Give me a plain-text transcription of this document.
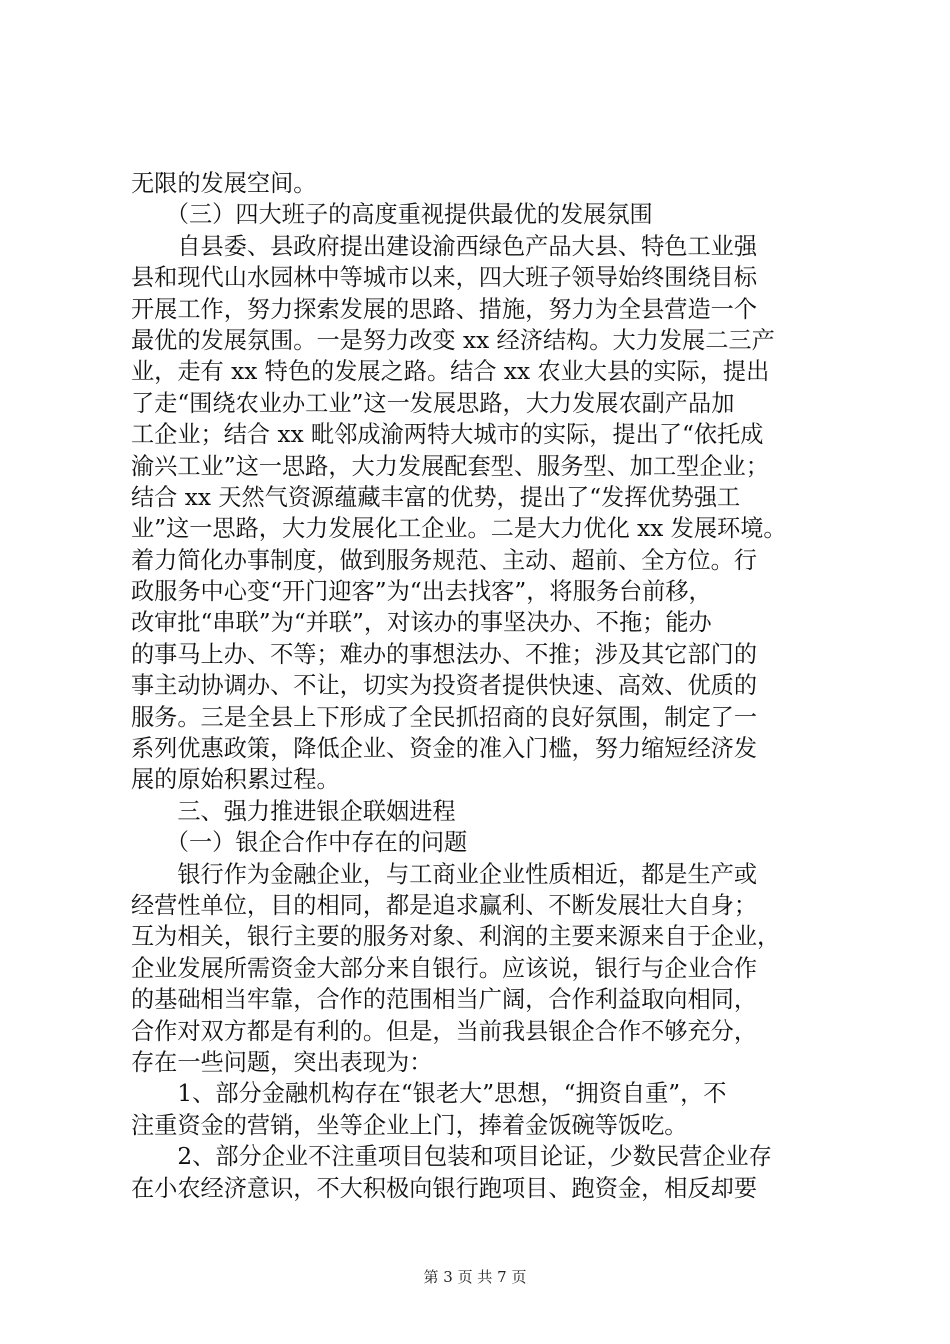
无限的发展空间。
　　（三）四大班子的高度重视提供最优的发展氛围
　　自县委、县政府提出建设渝西绿色产品大县、特色工业强
县和现代山水园林中等城市以来，四大班子领导始终围绕目标
开展工作，努力探索发展的思路、措施，努力为全县营造一个
最优的发展氛围。一是努力改变 xx 经济结构。大力发展二三产
业，走有 xx 特色的发展之路。结合 xx 农业大县的实际，提出
了走“围绕农业办工业”这一发展思路，大力发展农副产品加
工企业；结合 xx 毗邻成渝两特大城市的实际，提出了“依托成
渝兴工业”这一思路，大力发展配套型、服务型、加工型企业；
结合 xx 天然气资源蕴藏丰富的优势，提出了“发挥优势强工
业”这一思路，大力发展化工企业。二是大力优化 xx 发展环境。
着力简化办事制度，做到服务规范、主动、超前、全方位。行
政服务中心变“开门迎客”为“出去找客”，将服务台前移，
改审批“串联”为“并联”，对该办的事坚决办、不拖；能办
的事马上办、不等；难办的事想法办、不推；涉及其它部门的
事主动协调办、不让，切实为投资者提供快速、高效、优质的
服务。三是全县上下形成了全民抓招商的良好氛围，制定了一
系列优惠政策，降低企业、资金的准入门槛，努力缩短经济发
展的原始积累过程。
　　三、强力推进银企联姻进程
　　（一）银企合作中存在的问题
　　银行作为金融企业，与工商业企业性质相近，都是生产或
经营性单位，目的相同，都是追求赢利、不断发展壮大自身；
互为相关，银行主要的服务对象、利润的主要来源来自于企业，
企业发展所需资金大部分来自银行。应该说，银行与企业合作
的基础相当牢靠，合作的范围相当广阔，合作利益取向相同，
合作对双方都是有利的。但是，当前我县银企合作不够充分，
存在一些问题，突出表现为：
　　1、部分金融机构存在“银老大”思想，“拥资自重”，不
注重资金的营销，坐等企业上门，捧着金饭碗等饭吃。
　　2、部分企业不注重项目包装和项目论证，少数民营企业存
在小农经济意识，不大积极向银行跑项目、跑资金，相反却要
第 3 页 共 7 页
